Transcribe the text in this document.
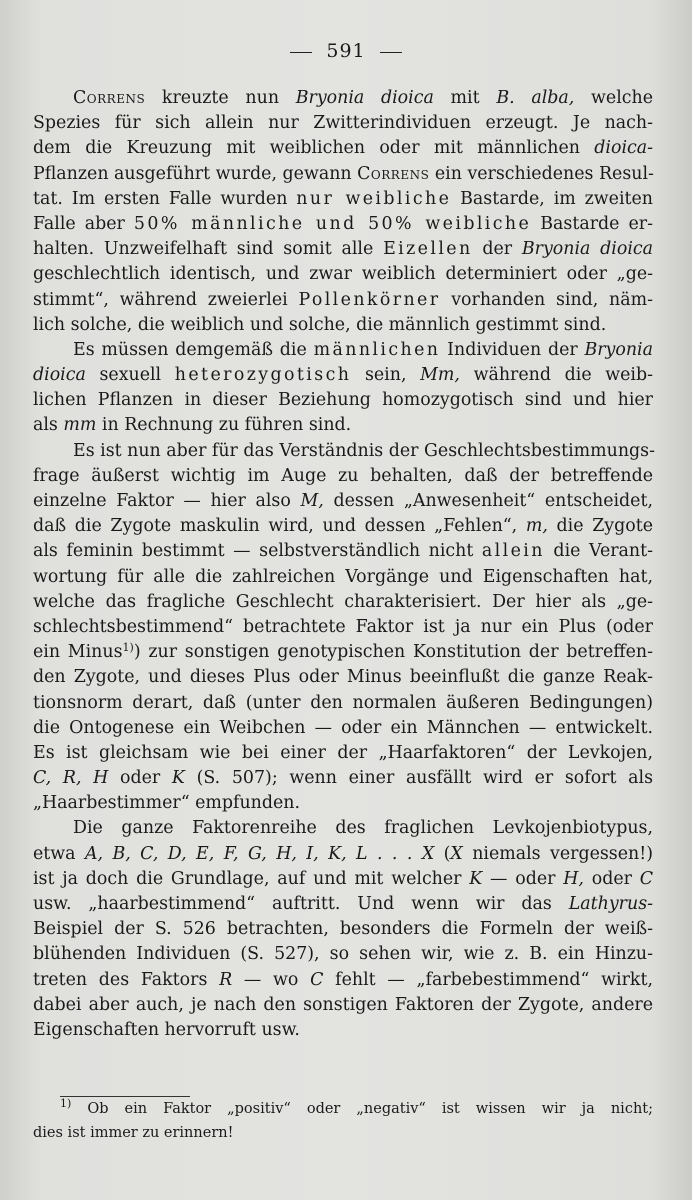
591
Correns kreuzte nun Bryonia dioica mit B. alba, welche
Spezies für sich allein nur Zwitterindividuen erzeugt. Je nach-
dem die Kreuzung mit weiblichen oder mit männlichen dioica-
Pflanzen ausgeführt wurde, gewann Correns ein verschiedenes Resul-
tat. Im ersten Falle wurden nur weibliche Bastarde, im zweiten
Falle aber 50% männliche und 50% weibliche Bastarde er-
halten. Unzweifelhaft sind somit alle Eizellen der Bryonia dioica
geschlechtlich identisch, und zwar weiblich determiniert oder „ge-
stimmt“, während zweierlei Pollenkörner vorhanden sind, näm-
lich solche, die weiblich und solche, die männlich gestimmt sind.
Es müssen demgemäß die männlichen Individuen der Bryonia
dioica sexuell heterozygotisch sein, Mm, während die weib-
lichen Pflanzen in dieser Beziehung homozygotisch sind und hier
als mm in Rechnung zu führen sind.
Es ist nun aber für das Verständnis der Geschlechtsbestimmungs-
frage äußerst wichtig im Auge zu behalten, daß der betreffende
einzelne Faktor — hier also M, dessen „Anwesenheit“ entscheidet,
daß die Zygote maskulin wird, und dessen „Fehlen“, m, die Zygote
als feminin bestimmt — selbstverständlich nicht allein die Verant-
wortung für alle die zahlreichen Vorgänge und Eigenschaften hat,
welche das fragliche Geschlecht charakterisiert. Der hier als „ge-
schlechtsbestimmend“ betrachtete Faktor ist ja nur ein Plus (oder
ein Minus$^{1)}$) zur sonstigen genotypischen Konstitution der betreffen-
den Zygote, und dieses Plus oder Minus beeinflußt die ganze Reak-
tionsnorm derart, daß (unter den normalen äußeren Bedingungen)
die Ontogenese ein Weibchen — oder ein Männchen — entwickelt.
Es ist gleichsam wie bei einer der „Haarfaktoren“ der Levkojen,
C, R, H oder K (S. 507); wenn einer ausfällt wird er sofort als
„Haarbestimmer“ empfunden.
Die ganze Faktorenreihe des fraglichen Levkojenbiotypus,
etwa A, B, C, D, E, F, G, H, I, K, L . . . X (X niemals vergessen!)
ist ja doch die Grundlage, auf und mit welcher K — oder H, oder C
usw. „haarbestimmend“ auftritt. Und wenn wir das Lathyrus-
Beispiel der S. 526 betrachten, besonders die Formeln der weiß-
blühenden Individuen (S. 527), so sehen wir, wie z. B. ein Hinzu-
treten des Faktors R — wo C fehlt — „farbebestimmend“ wirkt,
dabei aber auch, je nach den sonstigen Faktoren der Zygote, andere
Eigenschaften hervorruft usw.
$^{1)}$ Ob ein Faktor „positiv“ oder „negativ“ ist wissen wir ja nicht;
dies ist immer zu erinnern!
